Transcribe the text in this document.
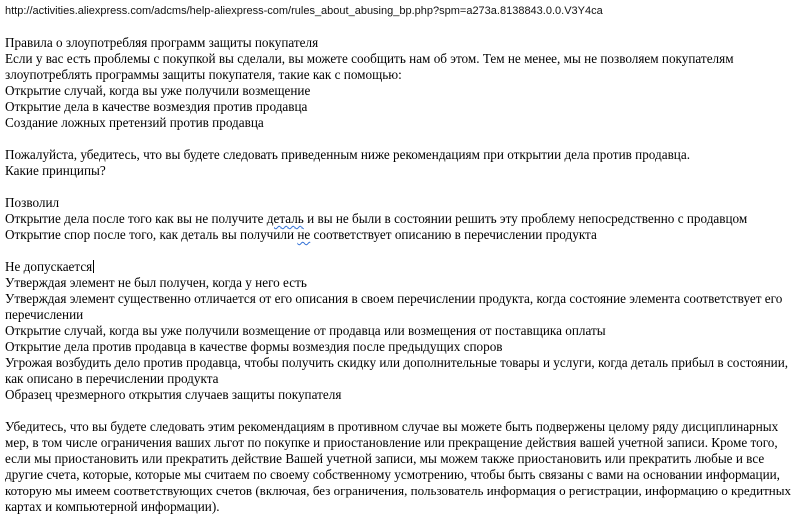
http://activities.aliexpress.com/adcms/help-aliexpress-com/rules_about_abusing_bp.php?spm=a273a.8138843.0.0.V3Y4ca
Правила о злоупотребляя программ защиты покупателя
Если у вас есть проблемы с покупкой вы сделали, вы можете сообщить нам об этом. Тем не менее, мы не позволяем покупателям
злоупотреблять программы защиты покупателя, такие как с помощью:
Открытие случай, когда вы уже получили возмещение
Открытие дела в качестве возмездия против продавца
Создание ложных претензий против продавца
Пожалуйста, убедитесь, что вы будете следовать приведенным ниже рекомендациям при открытии дела против продавца.
Какие принципы?
Позволил
Открытие дела после того как вы не получите деталь и вы не были в состоянии решить эту проблему непосредственно с продавцом
Открытие спор после того, как деталь вы получили не соответствует описанию в перечислении продукта
Не допускается
Утверждая элемент не был получен, когда у него есть
Утверждая элемент существенно отличается от его описания в своем перечислении продукта, когда состояние элемента соответствует его
перечислении
Открытие случай, когда вы уже получили возмещение от продавца или возмещения от поставщика оплаты
Открытие дела против продавца в качестве формы возмездия после предыдущих споров
Угрожая возбудить дело против продавца, чтобы получить скидку или дополнительные товары и услуги, когда деталь прибыл в состоянии,
как описано в перечислении продукта
Образец чрезмерного открытия случаев защиты покупателя
Убедитесь, что вы будете следовать этим рекомендациям в противном случае вы можете быть подвержены целому ряду дисциплинарных
мер, в том числе ограничения ваших льгот по покупке и приостановление или прекращение действия вашей учетной записи. Кроме того,
если мы приостановить или прекратить действие Вашей учетной записи, мы можем также приостановить или прекратить любые и все
другие счета, которые, которые мы считаем по своему собственному усмотрению, чтобы быть связаны с вами на основании информации,
которую мы имеем соответствующих счетов (включая, без ограничения, пользователь информация о регистрации, информацию о кредитных
картах и компьютерной информации).
